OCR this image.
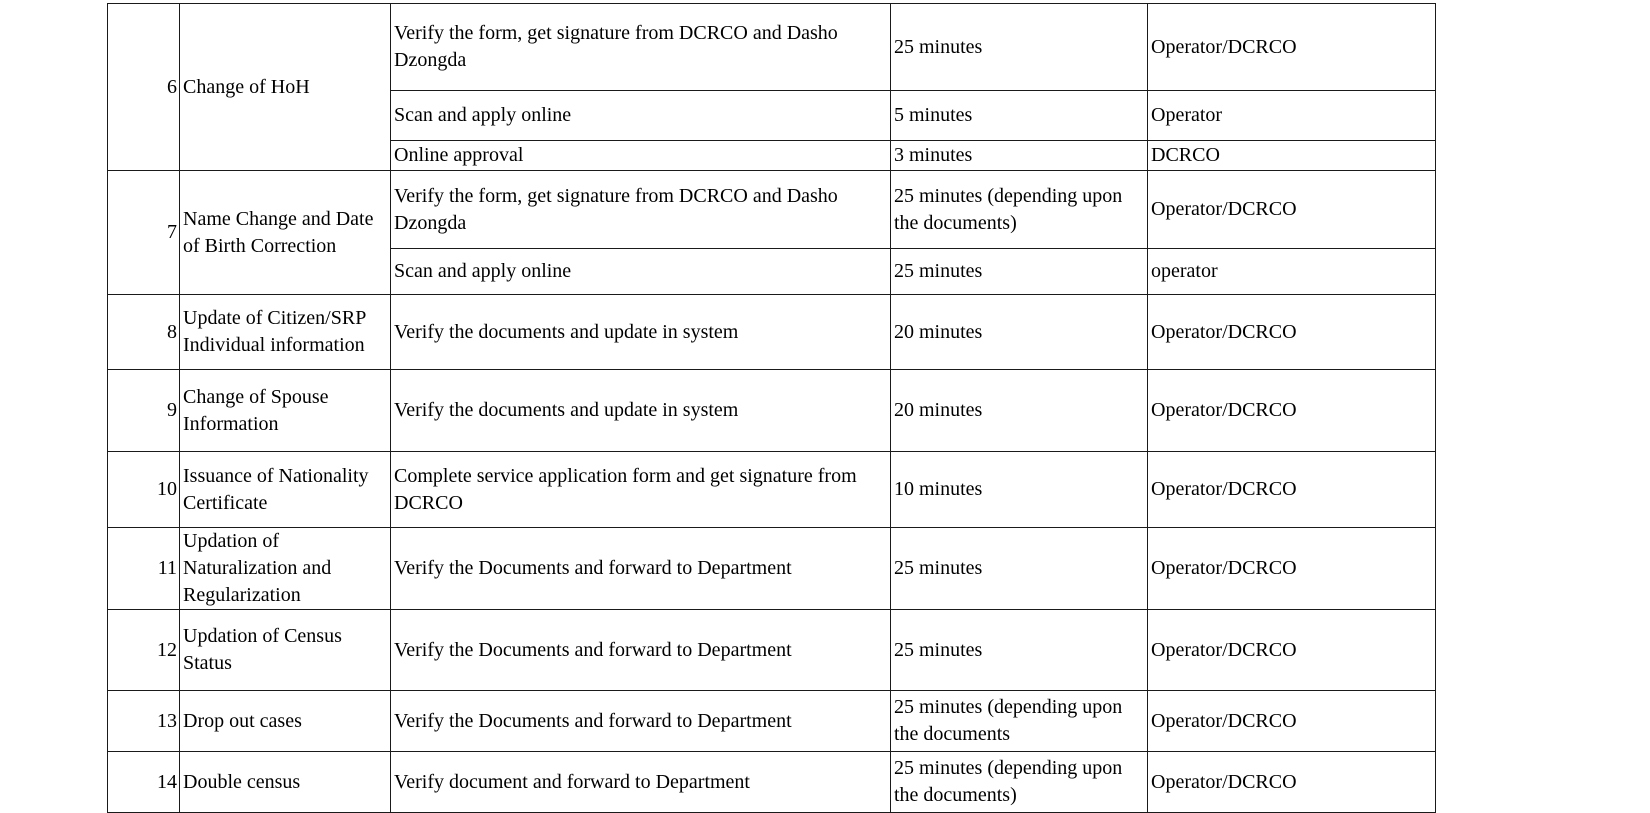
6	Change of HoH	Verify the form, get signature from DCRCO and Dasho Dzongda	25 minutes	Operator/DCRCO
		Scan and apply online	5 minutes	Operator
		Online approval	3 minutes	DCRCO
7	Name Change and Date of Birth Correction	Verify the form, get signature from DCRCO and Dasho Dzongda	25 minutes (depending upon the documents)	Operator/DCRCO
		Scan and apply online	25 minutes	operator
8	Update of Citizen/SRP Individual information	Verify the documents and update in system	20 minutes	Operator/DCRCO
9	Change of Spouse Information	Verify the documents and update in system	20 minutes	Operator/DCRCO
10	Issuance of Nationality Certificate	Complete service application form and get signature from DCRCO	10 minutes	Operator/DCRCO
11	Updation of Naturalization and Regularization	Verify the Documents and forward to Department	25 minutes	Operator/DCRCO
12	Updation of Census Status	Verify the Documents and forward to Department	25 minutes	Operator/DCRCO
13	Drop out cases	Verify the Documents and forward to Department	25 minutes (depending upon the documents	Operator/DCRCO
14	Double census	Verify document and forward to Department	25 minutes (depending upon the documents)	Operator/DCRCO
